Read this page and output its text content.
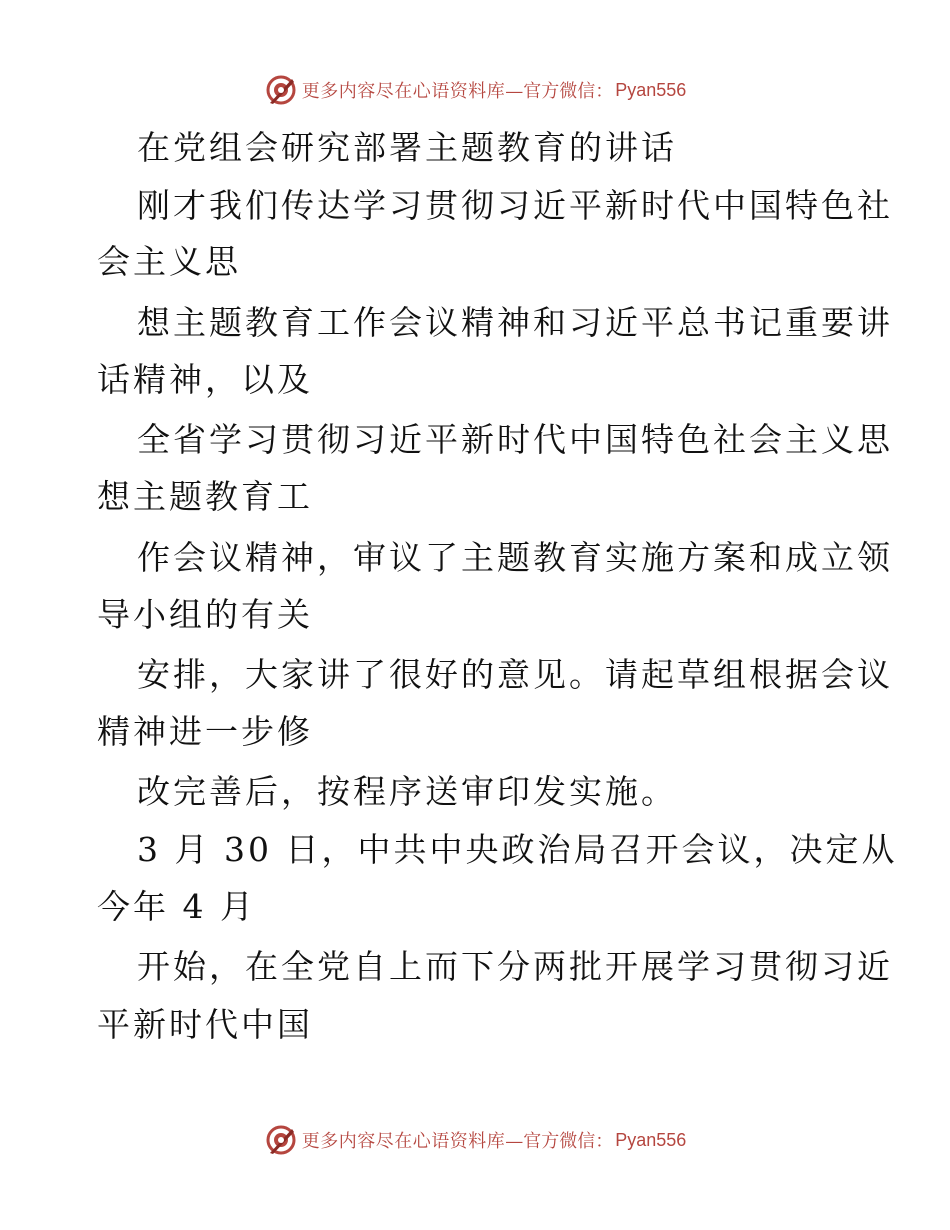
更多内容尽在心语资料库 —官方微信： Pyan556
在党组会研究部署主题教育的讲话
刚才我们传达学习贯彻习近平新时代中国特色社
会主义思
想主题教育工作会议精神和习近平总书记重要讲
话精神，以及
全省学习贯彻习近平新时代中国特色社会主义思
想主题教育工
作会议精神，审议了主题教育实施方案和成立领
导小组的有关
安排，大家讲了很好的意见。请起草组根据会议
精神进一步修
改完善后，按程序送审印发实施。
3 月 30 日，中共中央政治局召开会议，决定从
今年 4 月
开始，在全党自上而下分两批开展学习贯彻习近
平新时代中国
更多内容尽在心语资料库 —官方微信： Pyan556
